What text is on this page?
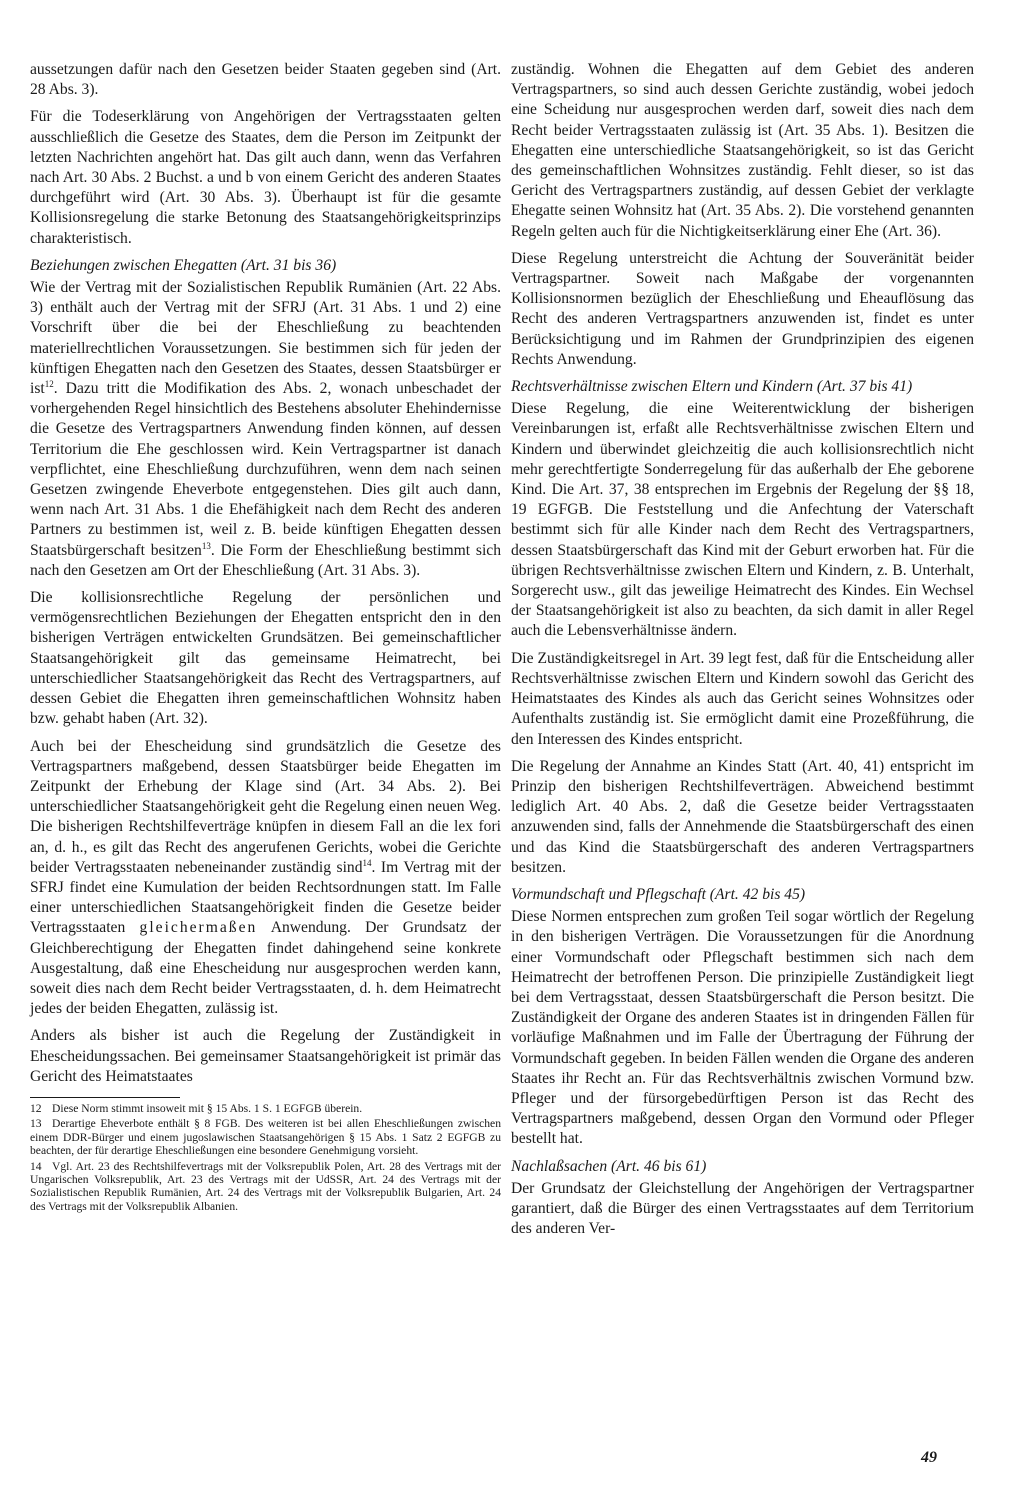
aussetzungen dafür nach den Gesetzen beider Staaten gegeben sind (Art. 28 Abs. 3).

Für die Todeserklärung von Angehörigen der Vertragsstaaten gelten ausschließlich die Gesetze des Staates, dem die Person im Zeitpunkt der letzten Nachrichten angehört hat. Das gilt auch dann, wenn das Verfahren nach Art. 30 Abs. 2 Buchst. a und b von einem Gericht des anderen Staates durchgeführt wird (Art. 30 Abs. 3). Überhaupt ist für die gesamte Kollisionsregelung die starke Betonung des Staatsangehörigkeitsprinzips charakteristisch.

Beziehungen zwischen Ehegatten (Art. 31 bis 36)

Wie der Vertrag mit der Sozialistischen Republik Rumänien (Art. 22 Abs. 3) enthält auch der Vertrag mit der SFRJ (Art. 31 Abs. 1 und 2) eine Vorschrift über die bei der Eheschließung zu beachtenden materiellrechtlichen Voraussetzungen. Sie bestimmen sich für jeden der künftigen Ehegatten nach den Gesetzen des Staates, dessen Staatsbürger er ist$^{12}$. Dazu tritt die Modifikation des Abs. 2, wonach unbeschadet der vorhergehenden Regel hinsichtlich des Bestehens absoluter Ehehindernisse die Gesetze des Vertragspartners Anwendung finden können, auf dessen Territorium die Ehe geschlossen wird. Kein Vertragspartner ist danach verpflichtet, eine Eheschließung durchzuführen, wenn dem nach seinen Gesetzen zwingende Eheverbote entgegenstehen. Dies gilt auch dann, wenn nach Art. 31 Abs. 1 die Ehefähigkeit nach dem Recht des anderen Partners zu bestimmen ist, weil z. B. beide künftigen Ehegatten dessen Staatsbürgerschaft besitzen$^{13}$. Die Form der Eheschließung bestimmt sich nach den Gesetzen am Ort der Eheschließung (Art. 31 Abs. 3).

Die kollisionsrechtliche Regelung der persönlichen und vermögensrechtlichen Beziehungen der Ehegatten entspricht den in den bisherigen Verträgen entwickelten Grundsätzen. Bei gemeinschaftlicher Staatsangehörigkeit gilt das gemeinsame Heimatrecht, bei unterschiedlicher Staatsangehörigkeit das Recht des Vertragspartners, auf dessen Gebiet die Ehegatten ihren gemeinschaftlichen Wohnsitz haben bzw. gehabt haben (Art. 32).

Auch bei der Ehescheidung sind grundsätzlich die Gesetze des Vertragspartners maßgebend, dessen Staatsbürger beide Ehegatten im Zeitpunkt der Erhebung der Klage sind (Art. 34 Abs. 2). Bei unterschiedlicher Staatsangehörigkeit geht die Regelung einen neuen Weg. Die bisherigen Rechtshilfeverträge knüpfen in diesem Fall an die lex fori an, d. h., es gilt das Recht des angerufenen Gerichts, wobei die Gerichte beider Vertragsstaaten nebeneinander zuständig sind$^{14}$. Im Vertrag mit der SFRJ findet eine Kumulation der beiden Rechtsordnungen statt. Im Falle einer unterschiedlichen Staatsangehörigkeit finden die Gesetze beider Vertragsstaaten gleichermaßen Anwendung. Der Grundsatz der Gleichberechtigung der Ehegatten findet dahingehend seine konkrete Ausgestaltung, daß eine Ehescheidung nur ausgesprochen werden kann, soweit dies nach dem Recht beider Vertragsstaaten, d. h. dem Heimatrecht jedes der beiden Ehegatten, zulässig ist.

Anders als bisher ist auch die Regelung der Zuständigkeit in Ehescheidungssachen. Bei gemeinsamer Staatsangehörigkeit ist primär das Gericht des Heimatstaates

12 Diese Norm stimmt insoweit mit § 15 Abs. 1 S. 1 EGFGB überein.
13 Derartige Eheverbote enthält § 8 FGB. Des weiteren ist bei allen Eheschließungen zwischen einem DDR-Bürger und einem jugoslawischen Staatsangehörigen § 15 Abs. 1 Satz 2 EGFGB zu beachten, der für derartige Eheschließungen eine besondere Genehmigung vorsieht.
14 Vgl. Art. 23 des Rechtshilfevertrags mit der Volksrepublik Polen, Art. 28 des Vertrags mit der Ungarischen Volksrepublik, Art. 23 des Vertrags mit der UdSSR, Art. 24 des Vertrags mit der Sozialistischen Republik Rumänien, Art. 24 des Vertrags mit der Volksrepublik Bulgarien, Art. 24 des Vertrags mit der Volksrepublik Albanien.

zuständig. Wohnen die Ehegatten auf dem Gebiet des anderen Vertragspartners, so sind auch dessen Gerichte zuständig, wobei jedoch eine Scheidung nur ausgesprochen werden darf, soweit dies nach dem Recht beider Vertragsstaaten zulässig ist (Art. 35 Abs. 1). Besitzen die Ehegatten eine unterschiedliche Staatsangehörigkeit, so ist das Gericht des gemeinschaftlichen Wohnsitzes zuständig. Fehlt dieser, so ist das Gericht des Vertragspartners zuständig, auf dessen Gebiet der verklagte Ehegatte seinen Wohnsitz hat (Art. 35 Abs. 2). Die vorstehend genannten Regeln gelten auch für die Nichtigkeitserklärung einer Ehe (Art. 36).

Diese Regelung unterstreicht die Achtung der Souveränität beider Vertragspartner. Soweit nach Maßgabe der vorgenannten Kollisionsnormen bezüglich der Eheschließung und Eheauflösung das Recht des anderen Vertragspartners anzuwenden ist, findet es unter Berücksichtigung und im Rahmen der Grundprinzipien des eigenen Rechts Anwendung.

Rechtsverhältnisse zwischen Eltern und Kindern (Art. 37 bis 41)

Diese Regelung, die eine Weiterentwicklung der bisherigen Vereinbarungen ist, erfaßt alle Rechtsverhältnisse zwischen Eltern und Kindern und überwindet gleichzeitig die auch kollisionsrechtlich nicht mehr gerechtfertigte Sonderregelung für das außerhalb der Ehe geborene Kind. Die Art. 37, 38 entsprechen im Ergebnis der Regelung der §§ 18, 19 EGFGB. Die Feststellung und die Anfechtung der Vaterschaft bestimmt sich für alle Kinder nach dem Recht des Vertragspartners, dessen Staatsbürgerschaft das Kind mit der Geburt erworben hat. Für die übrigen Rechtsverhältnisse zwischen Eltern und Kindern, z. B. Unterhalt, Sorgerecht usw., gilt das jeweilige Heimatrecht des Kindes. Ein Wechsel der Staatsangehörigkeit ist also zu beachten, da sich damit in aller Regel auch die Lebensverhältnisse ändern.

Die Zuständigkeitsregel in Art. 39 legt fest, daß für die Entscheidung aller Rechtsverhältnisse zwischen Eltern und Kindern sowohl das Gericht des Heimatstaates des Kindes als auch das Gericht seines Wohnsitzes oder Aufenthalts zuständig ist. Sie ermöglicht damit eine Prozeßführung, die den Interessen des Kindes entspricht.

Die Regelung der Annahme an Kindes Statt (Art. 40, 41) entspricht im Prinzip den bisherigen Rechtshilfeverträgen. Abweichend bestimmt lediglich Art. 40 Abs. 2, daß die Gesetze beider Vertragsstaaten anzuwenden sind, falls der Annehmende die Staatsbürgerschaft des einen und das Kind die Staatsbürgerschaft des anderen Vertragspartners besitzen.

Vormundschaft und Pflegschaft (Art. 42 bis 45)

Diese Normen entsprechen zum großen Teil sogar wörtlich der Regelung in den bisherigen Verträgen. Die Voraussetzungen für die Anordnung einer Vormundschaft oder Pflegschaft bestimmen sich nach dem Heimatrecht der betroffenen Person. Die prinzipielle Zuständigkeit liegt bei dem Vertragsstaat, dessen Staatsbürgerschaft die Person besitzt. Die Zuständigkeit der Organe des anderen Staates ist in dringenden Fällen für vorläufige Maßnahmen und im Falle der Übertragung der Führung der Vormundschaft gegeben. In beiden Fällen wenden die Organe des anderen Staates ihr Recht an. Für das Rechtsverhältnis zwischen Vormund bzw. Pfleger und der fürsorgebedürftigen Person ist das Recht des Vertragspartners maßgebend, dessen Organ den Vormund oder Pfleger bestellt hat.

Nachlaßsachen (Art. 46 bis 61)

Der Grundsatz der Gleichstellung der Angehörigen der Vertragspartner garantiert, daß die Bürger des einen Vertragsstaates auf dem Territorium des anderen Ver-

49
